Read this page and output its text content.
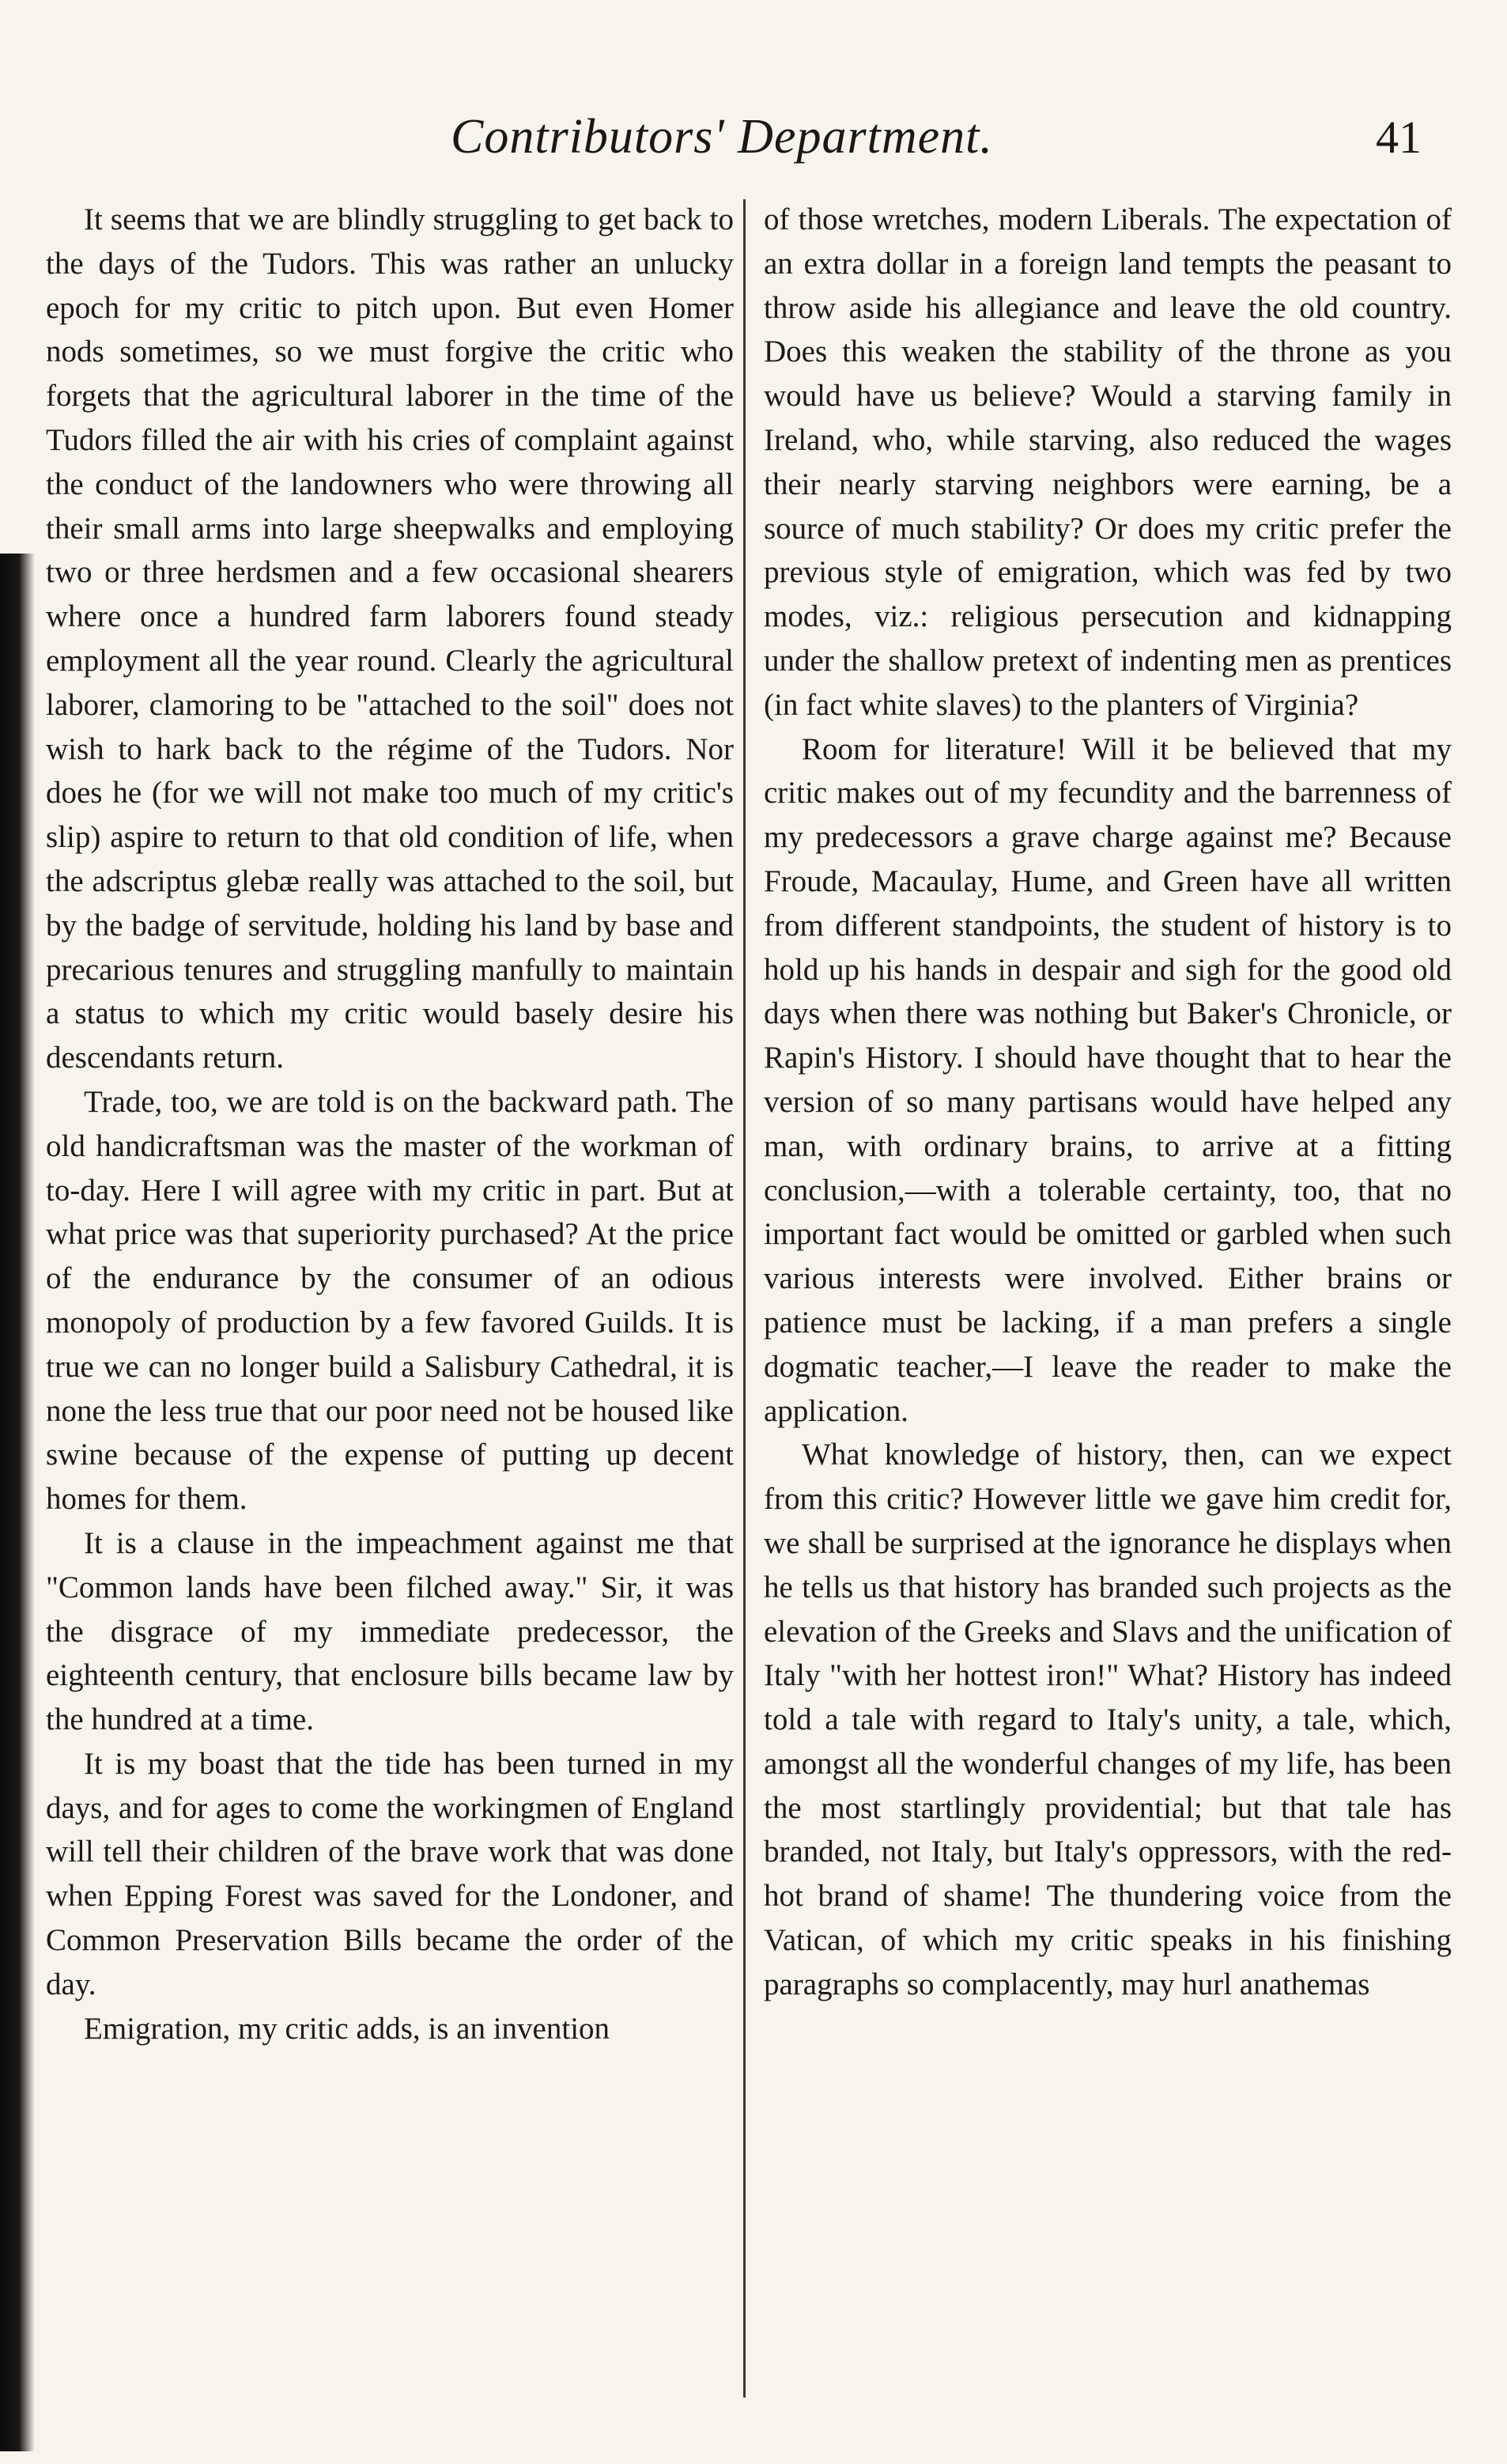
Contributors' Department.	41

It seems that we are blindly struggling to get back to the days of the Tudors. This was rather an unlucky epoch for my critic to pitch upon. But even Homer nods sometimes, so we must forgive the critic who forgets that the agricultural laborer in the time of the Tudors filled the air with his cries of complaint against the conduct of the landowners who were throwing all their small arms into large sheepwalks and employing two or three herdsmen and a few occasional shearers where once a hundred farm laborers found steady employment all the year round. Clearly the agricultural laborer, clamoring to be "attached to the soil" does not wish to hark back to the régime of the Tudors. Nor does he (for we will not make too much of my critic's slip) aspire to return to that old condition of life, when the adscriptus glebæ really was attached to the soil, but by the badge of servitude, holding his land by base and precarious tenures and struggling manfully to maintain a status to which my critic would basely desire his descendants return.

Trade, too, we are told is on the backward path. The old handicraftsman was the master of the workman of to-day. Here I will agree with my critic in part. But at what price was that superiority purchased? At the price of the endurance by the consumer of an odious monopoly of production by a few favored Guilds. It is true we can no longer build a Salisbury Cathedral, it is none the less true that our poor need not be housed like swine because of the expense of putting up decent homes for them.

It is a clause in the impeachment against me that "Common lands have been filched away." Sir, it was the disgrace of my immediate predecessor, the eighteenth century, that enclosure bills became law by the hundred at a time.

It is my boast that the tide has been turned in my days, and for ages to come the workingmen of England will tell their children of the brave work that was done when Epping Forest was saved for the Londoner, and Common Preservation Bills became the order of the day.

Emigration, my critic adds, is an invention

of those wretches, modern Liberals. The expectation of an extra dollar in a foreign land tempts the peasant to throw aside his allegiance and leave the old country. Does this weaken the stability of the throne as you would have us believe? Would a starving family in Ireland, who, while starving, also reduced the wages their nearly starving neighbors were earning, be a source of much stability? Or does my critic prefer the previous style of emigration, which was fed by two modes, viz.: religious persecution and kidnapping under the shallow pretext of indenting men as prentices (in fact white slaves) to the planters of Virginia?

Room for literature! Will it be believed that my critic makes out of my fecundity and the barrenness of my predecessors a grave charge against me? Because Froude, Macaulay, Hume, and Green have all written from different standpoints, the student of history is to hold up his hands in despair and sigh for the good old days when there was nothing but Baker's Chronicle, or Rapin's History. I should have thought that to hear the version of so many partisans would have helped any man, with ordinary brains, to arrive at a fitting conclusion,—with a tolerable certainty, too, that no important fact would be omitted or garbled when such various interests were involved. Either brains or patience must be lacking, if a man prefers a single dogmatic teacher,—I leave the reader to make the application.

What knowledge of history, then, can we expect from this critic? However little we gave him credit for, we shall be surprised at the ignorance he displays when he tells us that history has branded such projects as the elevation of the Greeks and Slavs and the unification of Italy "with her hottest iron!" What? History has indeed told a tale with regard to Italy's unity, a tale, which, amongst all the wonderful changes of my life, has been the most startlingly providential; but that tale has branded, not Italy, but Italy's oppressors, with the red-hot brand of shame! The thundering voice from the Vatican, of which my critic speaks in his finishing paragraphs so complacently, may hurl anathemas
